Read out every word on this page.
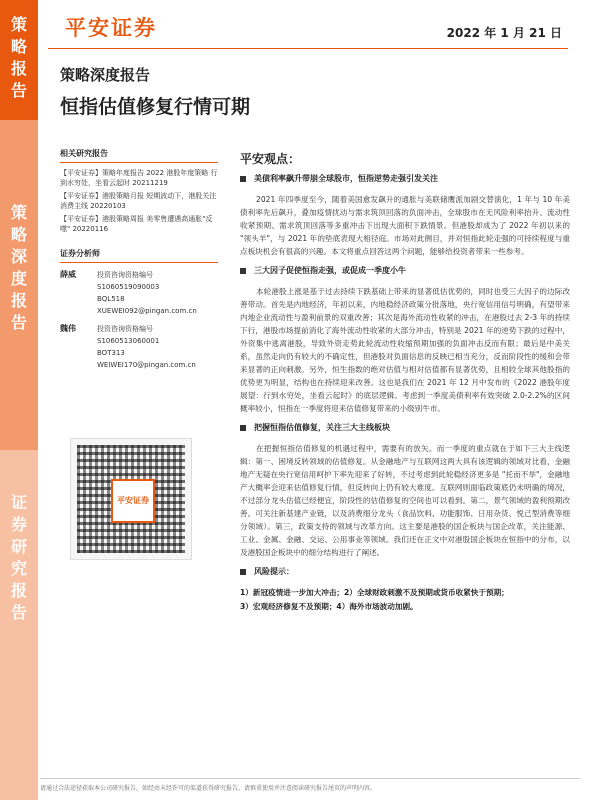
策
略
报
告
策
略
深
度
报
告
证
券
研
究
报
告
平安证券	2022 年 1 月 21 日
策略深度报告
恒指估值修复行情可期
相关研究报告
【平安证券】策略年度报告 2022 港股年度策略 行到水穷处，坐看云起时 20211219
【平安证券】港股策略月报 短期波动下，港股关注消费主线 20220103
【平安证券】港股策略周报 美零售遭遇高通胀"反噬" 20220116
证券分析师
薛威	投资咨询资格编号
S1060519090003
BQL518
XUEWEI092@pingan.com.cn
魏伟	投资咨询资格编号
S1060513060001
BOT313
WEIWEI170@pingan.com.cn
平安证券
平安观点：
美债利率飙升带崩全球股市，恒指逆势走强引发关注

2021 年四季度至今，随着美国愈发飙升的通胀与美联储鹰派加剧交替演化，1 年与 10 年美债利率先后飙升，叠加疫情扰动与需求筑顶回落的负面冲击，全球股市在无风险利率抬升、流动性收紧预期、需求筑顶回落等多重冲击下出现大面积下跌情景。但港股却成为了 2022 年初以来的 "领头羊"，与 2021 年的垫底表现大相径庭。市场对此侧目，并对恒指此轮走强的可持续程度与重点板块机会有很高的兴趣。本文将重点回答这两个问题，能够给投资者带来一些参考。

三大因子促使恒指走强，或促成一季度小牛

本轮港股上涨是基于过去持续下跌基础上带来的显著低估优势的，同时也受三大因子的边际改善带动。首先是内地经济，年初以来，内地稳经济政策分批落地，央行宽信用信号明确，有望带来内地企业流动性与盈利前景的双重改善；其次是海外流动性收紧的冲击，在港股过去 2-3 年的持续下行，港股市场提前消化了海外流动性收紧的大部分冲击，特别是 2021 年的逆势下跌的过程中，外资集中逃离港股，导致外资走势此轮流动性收缩预期加强的负面冲击反而有限；最后是中美关系，虽然走向仍有较大的不确定性，但港股对负面信息的反映已相当充分，反而阶段性的缓和会带来显著的正向刺激。另外，恒生指数的绝对估值与相对估值都有显著优势，且相较全球其他股指的优势更为明显，结构也在持续迎来改善。这也是我们在 2021 年 12 月中发布的《2022 港股年度展望：行到水穷处，坐看云起时》的底层逻辑。考虑到一季度美债利率有效突破 2.0-2.2%的区间概率较小，恒指在一季度将迎来估值修复带来的小级别牛市。

把握恒指估值修复，关注三大主线板块

在把握恒指估值修复的机遇过程中，需要有的放矢。而一季度的重点就在于如下三大主线逻辑：第一、困境反转领域的估值修复。从金融地产与互联网这两大具有该逻辑的领域对比看，金融地产无疑在央行宽信用呵护下率先迎来了好转，不过考虑到此轮稳经济更多是 "托而不举"，金融地产大概率会迎来估值修复行情，但反转向上仍有较大难度。互联网则面临政策底仍未明确的境况，不过部分龙头估值已经便宜，阶段性的估值修复的空间也可以看到。第二，景气领域的盈利预期改善。可关注新基建产业链，以及消费细分龙头（食品饮料、功能服饰、日用杂货、悦己型消费等细分领域）。第三，政策支持的领域与改革方向。这主要是港股的国企板块与国企改革，关注能源、工业、金属、金融、交运、公用事业等领域。我们还在正文中对港股国企板块在恒指中的分布，以及港股国企板块中的细分结构进行了阐述。

风险提示：
1）新冠疫情进一步加大冲击；2）全球财政刺激不及预期或货币收紧快于预期；
3）宏观经济修复不及预期；4）海外市场波动加剧。
请通过合法途径获取本公司研究报告，如经由未经许可的渠道获得研究报告，请慎重使用并注意阅读研究报告尾页的声明内容。
